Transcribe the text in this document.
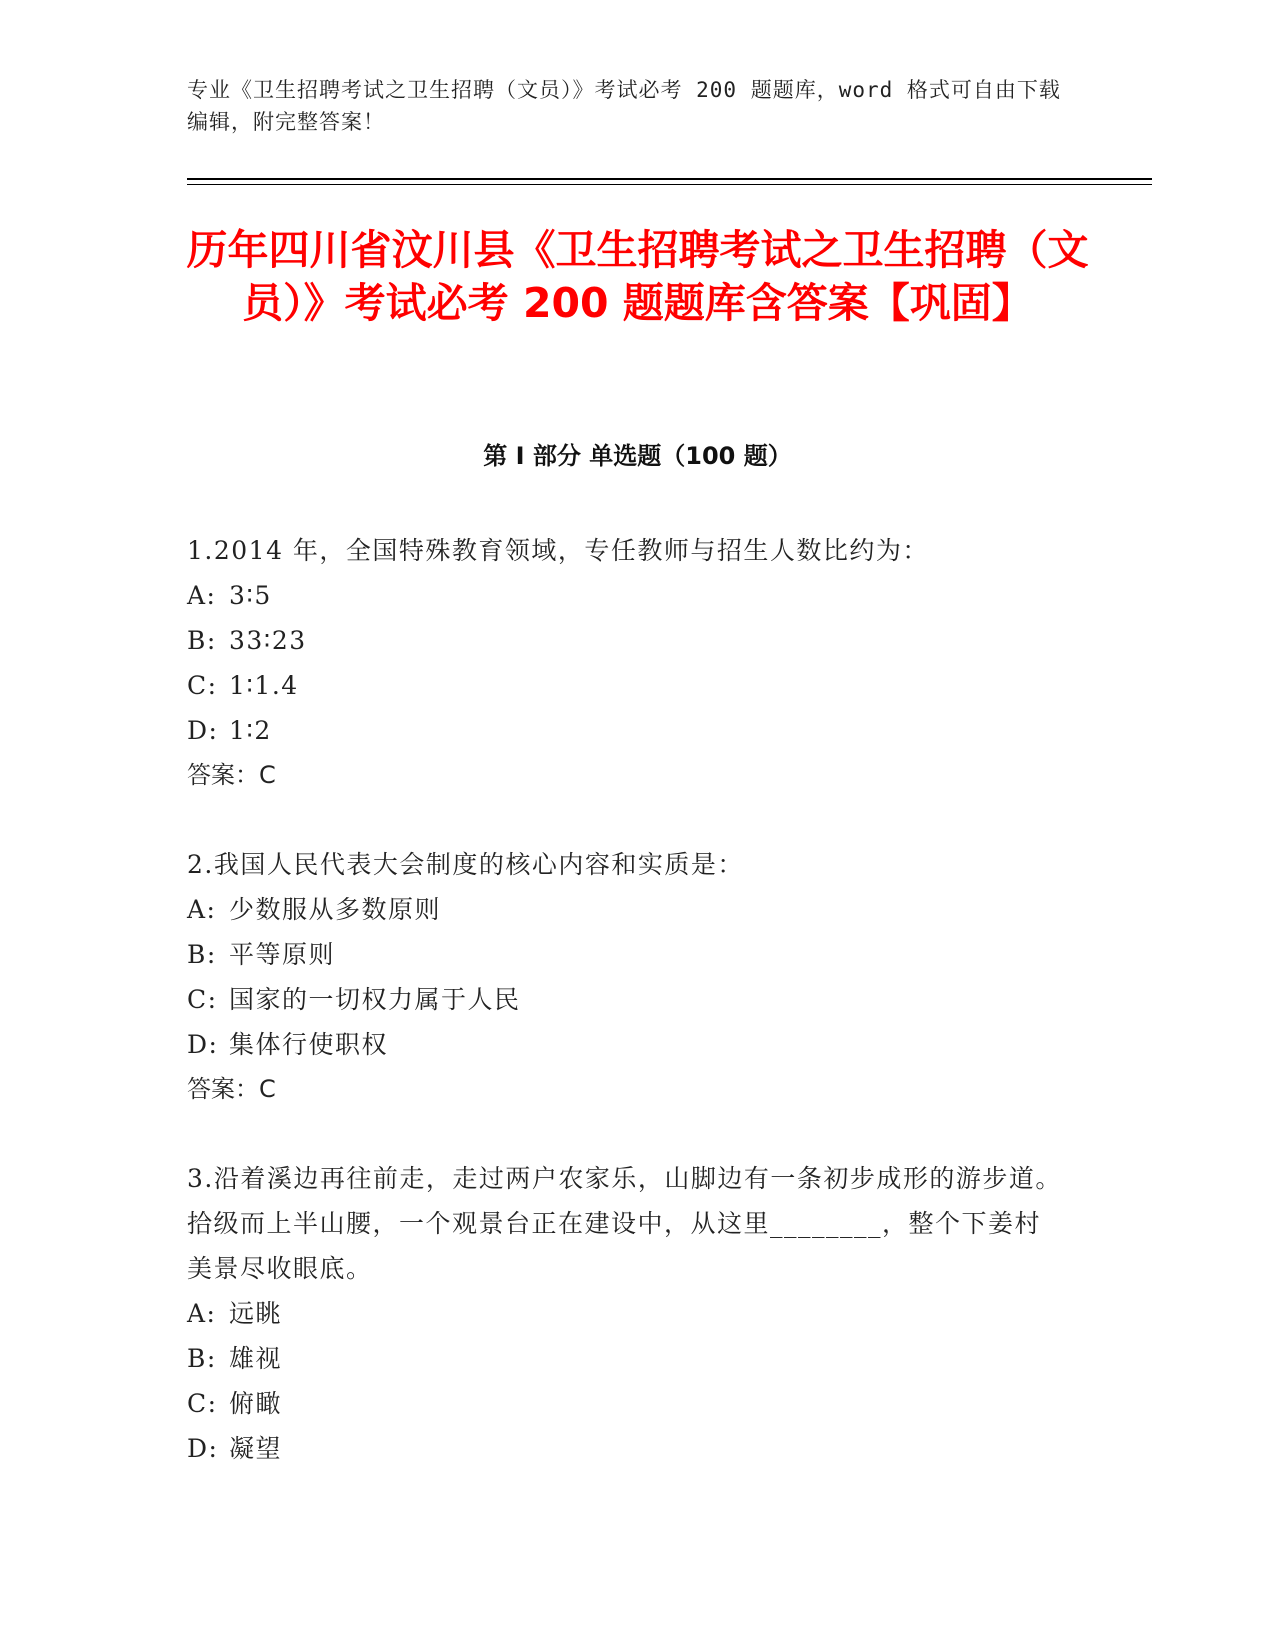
专业《卫生招聘考试之卫生招聘（文员）》考试必考 200 题题库，word 格式可自由下载编辑，附完整答案！
历年四川省汶川县《卫生招聘考试之卫生招聘（文员）》考试必考 200 题题库含答案【巩固】
第 I 部分 单选题（100 题）
1.2014 年，全国特殊教育领域，专任教师与招生人数比约为：
A: 3∶5
B: 33∶23
C: 1∶1.4
D: 1∶2
答案：C
2.我国人民代表大会制度的核心内容和实质是：
A: 少数服从多数原则
B: 平等原则
C: 国家的一切权力属于人民
D: 集体行使职权
答案：C
3.沿着溪边再往前走，走过两户农家乐，山脚边有一条初步成形的游步道。拾级而上半山腰，一个观景台正在建设中，从这里________，整个下姜村美景尽收眼底。
A: 远眺
B: 雄视
C: 俯瞰
D: 凝望
